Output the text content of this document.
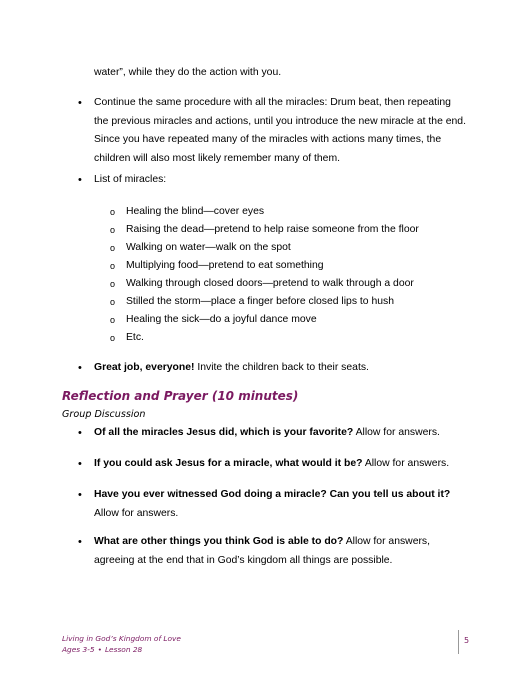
water”, while they do the action with you.
•	Continue the same procedure with all the miracles: Drum beat, then repeating the previous miracles and actions, until you introduce the new miracle at the end. Since you have repeated many of the miracles with actions many times, the children will also most likely remember many of them.
•	List of miracles:
o Healing the blind—cover eyes
o Raising the dead—pretend to help raise someone from the floor
o Walking on water—walk on the spot
o Multiplying food—pretend to eat something
o Walking through closed doors—pretend to walk through a door
o Stilled the storm—place a finger before closed lips to hush
o Healing the sick—do a joyful dance move
o Etc.
•	Great job, everyone! Invite the children back to their seats.
Reflection and Prayer (10 minutes)
Group Discussion
•	Of all the miracles Jesus did, which is your favorite? Allow for answers.
•	If you could ask Jesus for a miracle, what would it be? Allow for answers.
•	Have you ever witnessed God doing a miracle? Can you tell us about it? Allow for answers.
•	What are other things you think God is able to do? Allow for answers, agreeing at the end that in God’s kingdom all things are possible.
Living in God’s Kingdom of Love
Ages 3-5 • Lesson 28
5
